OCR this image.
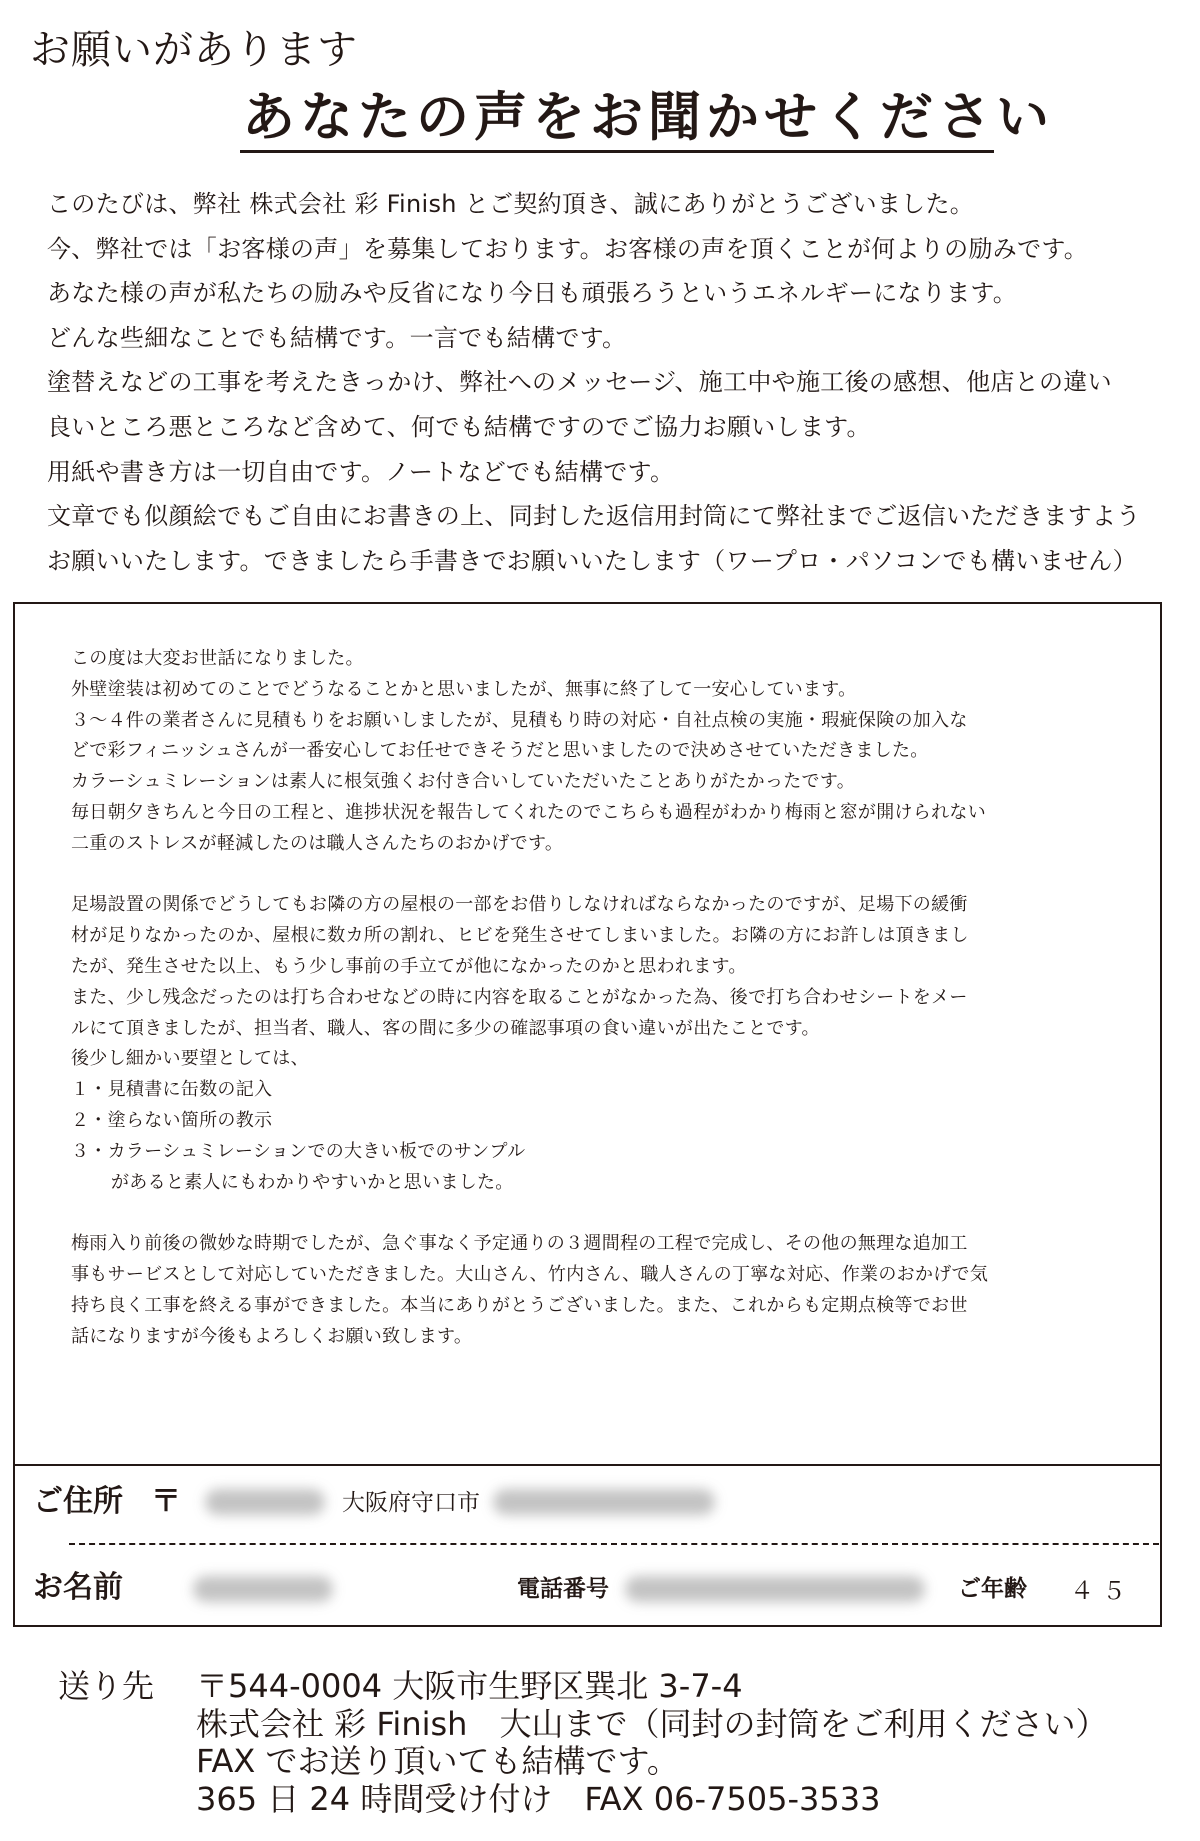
お願いがあります
あなたの声をお聞かせください
このたびは、弊社 株式会社 彩 Finish とご契約頂き、誠にありがとうございました。
今、弊社では「お客様の声」を募集しております。お客様の声を頂くことが何よりの励みです。
あなた様の声が私たちの励みや反省になり今日も頑張ろうというエネルギーになります。
どんな些細なことでも結構です。一言でも結構です。
塗替えなどの工事を考えたきっかけ、弊社へのメッセージ、施工中や施工後の感想、他店との違い
良いところ悪ところなど含めて、何でも結構ですのでご協力お願いします。
用紙や書き方は一切自由です。ノートなどでも結構です。
文章でも似顔絵でもご自由にお書きの上、同封した返信用封筒にて弊社までご返信いただきますよう
お願いいたします。できましたら手書きでお願いいたします（ワープロ・パソコンでも構いません）
この度は大変お世話になりました。
外壁塗装は初めてのことでどうなることかと思いましたが、無事に終了して一安心しています。
３～４件の業者さんに見積もりをお願いしましたが、見積もり時の対応・自社点検の実施・瑕疵保険の加入な
どで彩フィニッシュさんが一番安心してお任せできそうだと思いましたので決めさせていただきました。
カラーシュミレーションは素人に根気強くお付き合いしていただいたことありがたかったです。
毎日朝夕きちんと今日の工程と、進捗状況を報告してくれたのでこちらも過程がわかり梅雨と窓が開けられない
二重のストレスが軽減したのは職人さんたちのおかげです。
足場設置の関係でどうしてもお隣の方の屋根の一部をお借りしなければならなかったのですが、足場下の緩衝
材が足りなかったのか、屋根に数カ所の割れ、ヒビを発生させてしまいました。お隣の方にお許しは頂きまし
たが、発生させた以上、もう少し事前の手立てが他になかったのかと思われます。
また、少し残念だったのは打ち合わせなどの時に内容を取ることがなかった為、後で打ち合わせシートをメー
ルにて頂きましたが、担当者、職人、客の間に多少の確認事項の食い違いが出たことです。
後少し細かい要望としては、
１・見積書に缶数の記入
２・塗らない箇所の教示
３・カラーシュミレーションでの大きい板でのサンプル
があると素人にもわかりやすいかと思いました。
梅雨入り前後の微妙な時期でしたが、急ぐ事なく予定通りの３週間程の工程で完成し、その他の無理な追加工
事もサービスとして対応していただきました。大山さん、竹内さん、職人さんの丁寧な対応、作業のおかげで気
持ち良く工事を終える事ができました。本当にありがとうございました。また、これからも定期点検等でお世
話になりますが今後もよろしくお願い致します。
ご住所 〒	大阪府守口市
お名前	電話番号	ご年齢 ４５
送り先 〒544-0004 大阪市生野区巽北 3-7-4
株式会社 彩 Finish　大山まで（同封の封筒をご利用ください）
FAX でお送り頂いても結構です。
365 日 24 時間受け付け　FAX 06-7505-3533
